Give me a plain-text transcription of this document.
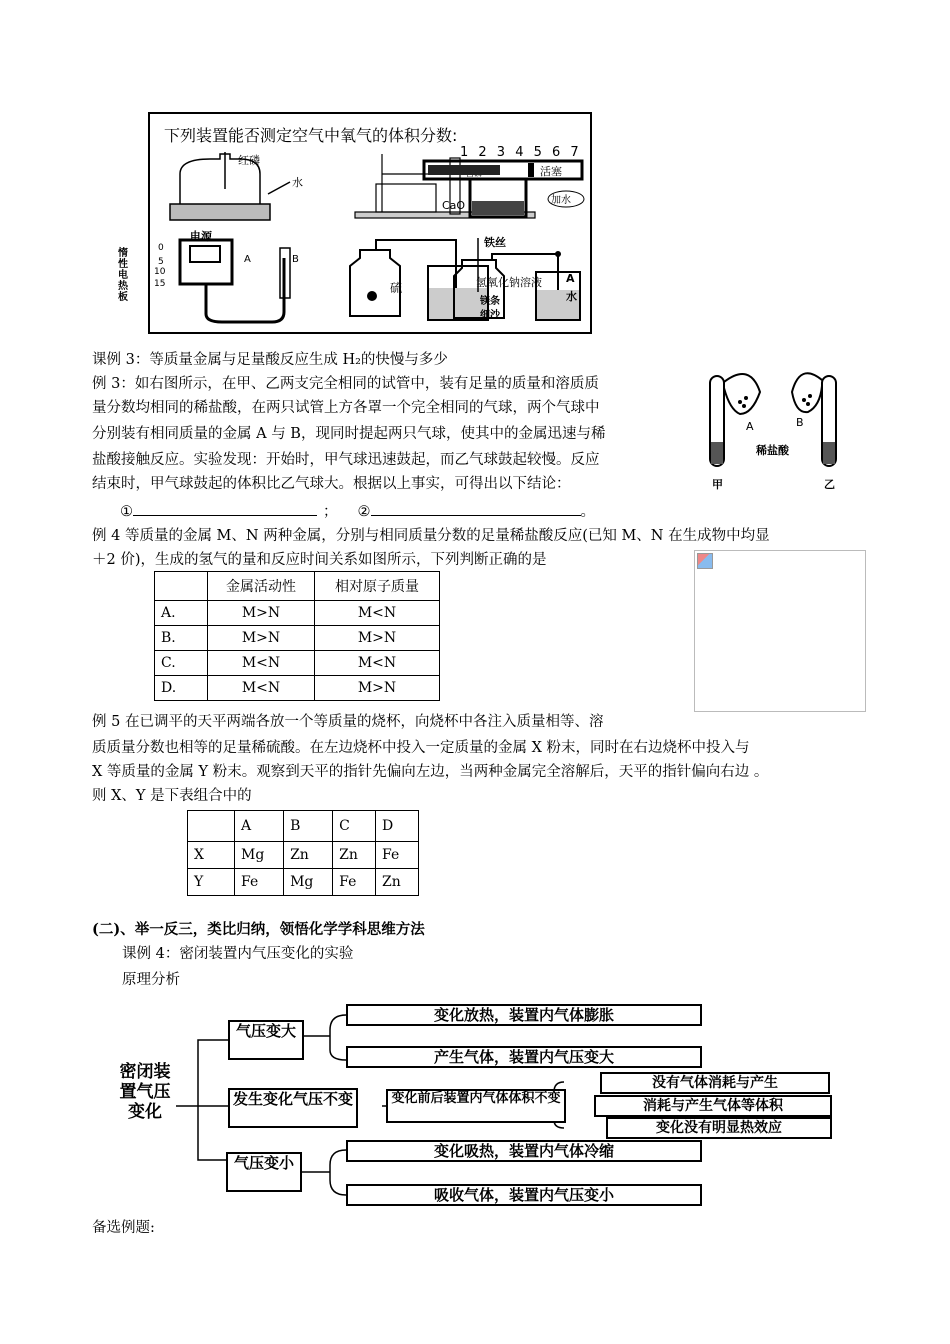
下列装置能否测定空气中氧气的体积分数:
红磷
水
1 2 3 4 5 6 7
白磷 活塞
CaO	加水
电源
0
5
10
15
A	B
惰性电热板
硫	氢氧化钠溶液
A	B
稀盐酸
甲	乙
课例 3：等质量金属与足量酸反应生成 H₂的快慢与多少
例 3：如右图所示，在甲、乙两支完全相同的试管中，装有足量的质量和溶质质
量分数均相同的稀盐酸，在两只试管上方各罩一个完全相同的气球，两个气球中
分别装有相同质量的金属 A 与 B，现同时提起两只气球，使其中的金属迅速与稀
盐酸接触反应。实验发现：开始时，甲气球迅速鼓起，而乙气球鼓起较慢。反应
结束时，甲气球鼓起的体积比乙气球大。根据以上事实，可得出以下结论：
①	； ②	。
例 4 等质量的金属 M、N 两种金属，分别与相同质量分数的足量稀盐酸反应(已知 M、N 在生成物中均显
＋2 价)，生成的氢气的量和反应时间关系如图所示，下列判断正确的是
	金属活动性	相对原子质量
A.	M>N	M<N
B.	M>N	M>N
C.	M<N	M<N
D.	M<N	M>N
例 5 在已调平的天平两端各放一个等质量的烧杯，向烧杯中各注入质量相等、溶
质质量分数也相等的足量稀硫酸。在左边烧杯中投入一定质量的金属 X 粉末，同时在右边烧杯中投入与
X 等质量的金属 Y 粉末。观察到天平的指针先偏向左边，当两种金属完全溶解后，天平的指针偏向右边 。
则 X、Y 是下表组合中的
	A	B	C	D
X	Mg	Zn	Zn	Fe
Y	Fe	Mg	Fe	Zn
(二)、举一反三，类比归纳，领悟化学学科思维方法
课例 4：密闭装置内气压变化的实验
原理分析
密闭装置气压变化
气压变大
变化放热，装置内气体膨胀
产生气体，装置内气压变大
发生变化气压不变	变化前后装置内气体体积不变
没有气体消耗与产生
消耗与产生气体等体积
变化没有明显热效应
气压变小
变化吸热，装置内气体冷缩
吸收气体，装置内气压变小
备选例题:
铁丝
镁条
细沙
A
水
